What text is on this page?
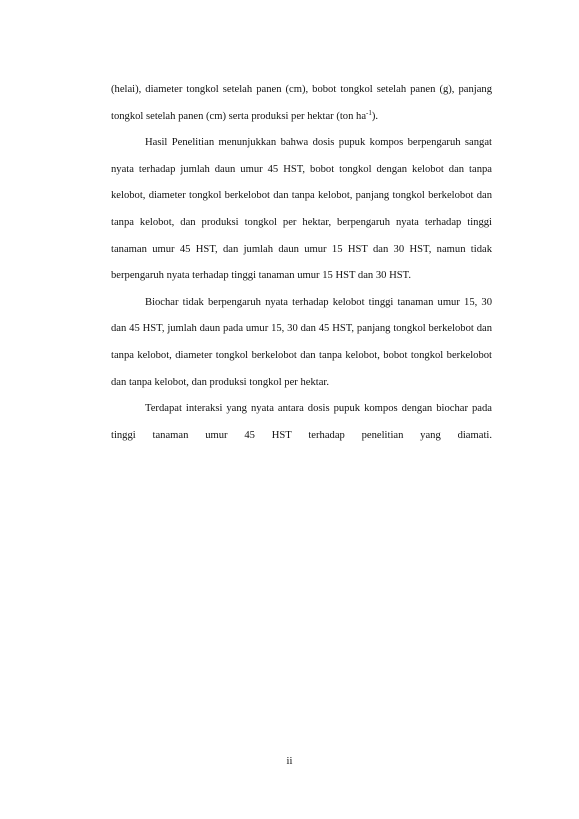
(helai), diameter tongkol setelah panen (cm), bobot tongkol setelah panen (g), panjang tongkol setelah panen (cm) serta produksi per hektar (ton $ha^{-1}$).

Hasil Penelitian menunjukkan bahwa dosis pupuk kompos berpengaruh sangat nyata terhadap jumlah daun umur 45 HST, bobot tongkol dengan kelobot dan tanpa kelobot, diameter tongkol berkelobot dan tanpa kelobot, panjang tongkol berkelobot dan tanpa kelobot, dan produksi tongkol per hektar, berpengaruh nyata terhadap tinggi tanaman umur 45 HST, dan jumlah daun umur 15 HST dan 30 HST, namun tidak berpengaruh nyata terhadap tinggi tanaman umur 15 HST dan 30 HST.

Biochar tidak berpengaruh nyata terhadap kelobot tinggi tanaman umur 15, 30 dan 45 HST, jumlah daun pada umur 15, 30 dan 45 HST, panjang tongkol berkelobot dan tanpa kelobot, diameter tongkol berkelobot dan tanpa kelobot, bobot tongkol berkelobot dan tanpa kelobot, dan produksi tongkol per hektar.

Terdapat interaksi yang nyata antara dosis pupuk kompos dengan biochar pada tinggi tanaman umur 45 HST terhadap penelitian yang diamati.

ii
